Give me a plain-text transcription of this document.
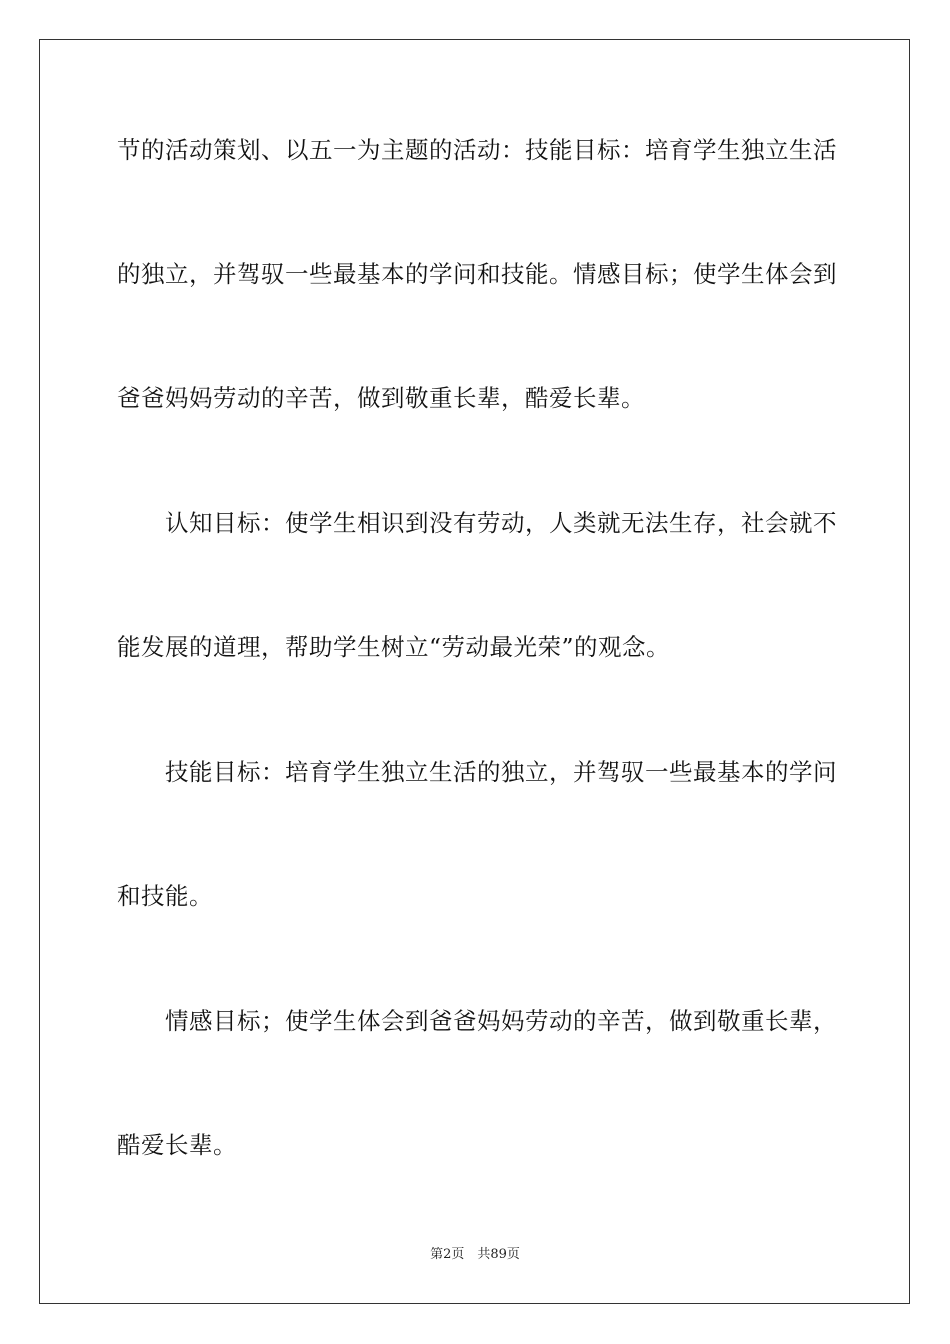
节的活动策划、以五一为主题的活动：技能目标：培育学生独立生活
的独立，并驾驭一些最基本的学问和技能。情感目标；使学生体会到
爸爸妈妈劳动的辛苦，做到敬重长辈，酷爱长辈。
　　认知目标：使学生相识到没有劳动，人类就无法生存，社会就不
能发展的道理，帮助学生树立“劳动最光荣”的观念。
　　技能目标：培育学生独立生活的独立，并驾驭一些最基本的学问
和技能。
　　情感目标；使学生体会到爸爸妈妈劳动的辛苦，做到敬重长辈，
酷爱长辈。
第2页　共89页
